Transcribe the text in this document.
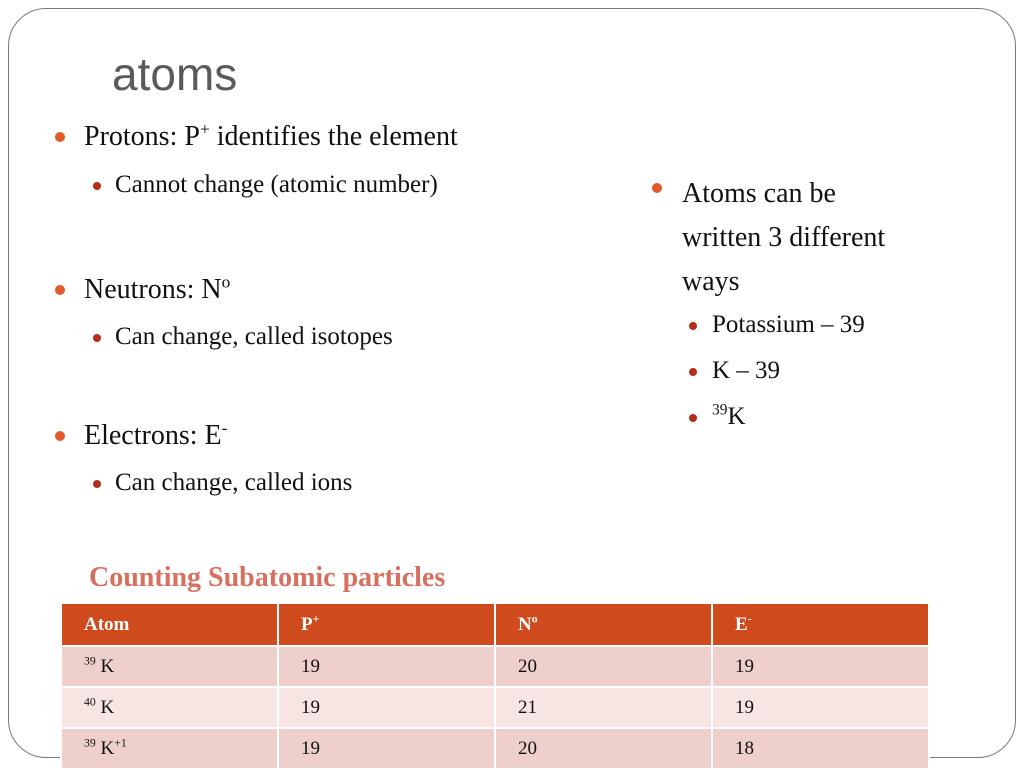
atoms
Protons: P+ identifies the element
Cannot change (atomic number)
Neutrons: $N^o$
Can change, called isotopes
Electrons: E-
Can change, called ions
Atoms can be
written 3 different
ways
Potassium – 39
K – 39
$^{39}$K
Counting Subatomic particles
Atom	P+	$N^o$	E-
$^{39}$ K	19	20	19
$^{40}$ K	19	21	19
$^{39}$ $K^{+1}$	19	20	18
